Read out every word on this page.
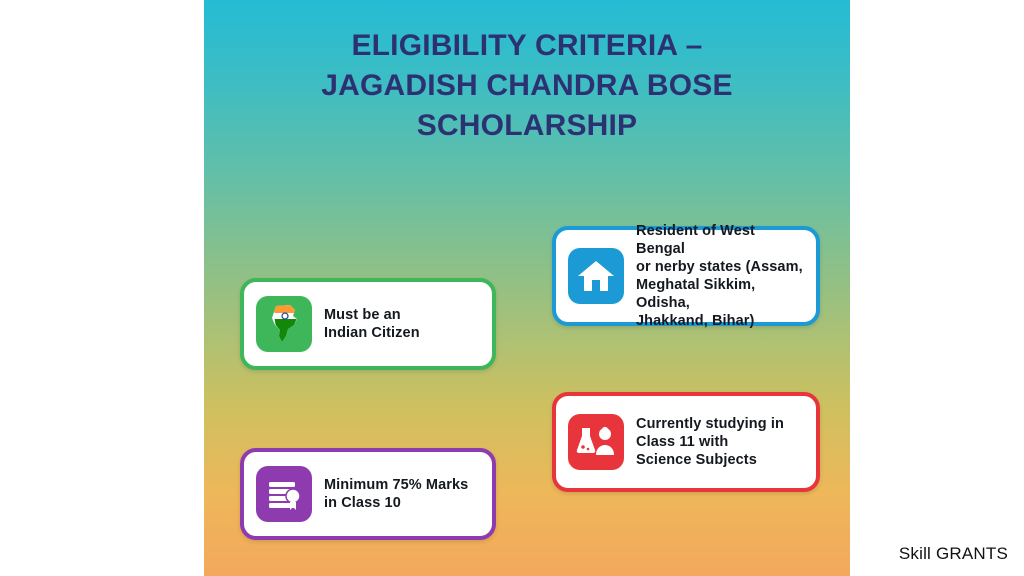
ELIGIBILITY CRITERIA –
JAGADISH CHANDRA BOSE
SCHOLARSHIP
Must be an
Indian Citizen
Resident of West Bengal
or nerby states (Assam,
Meghatal Sikkim, Odisha,
Jhakkand, Bihar)
Minimum 75% Marks
in Class 10
Currently studying in
Class 11 with
Science Subjects
Skill GRANTS
